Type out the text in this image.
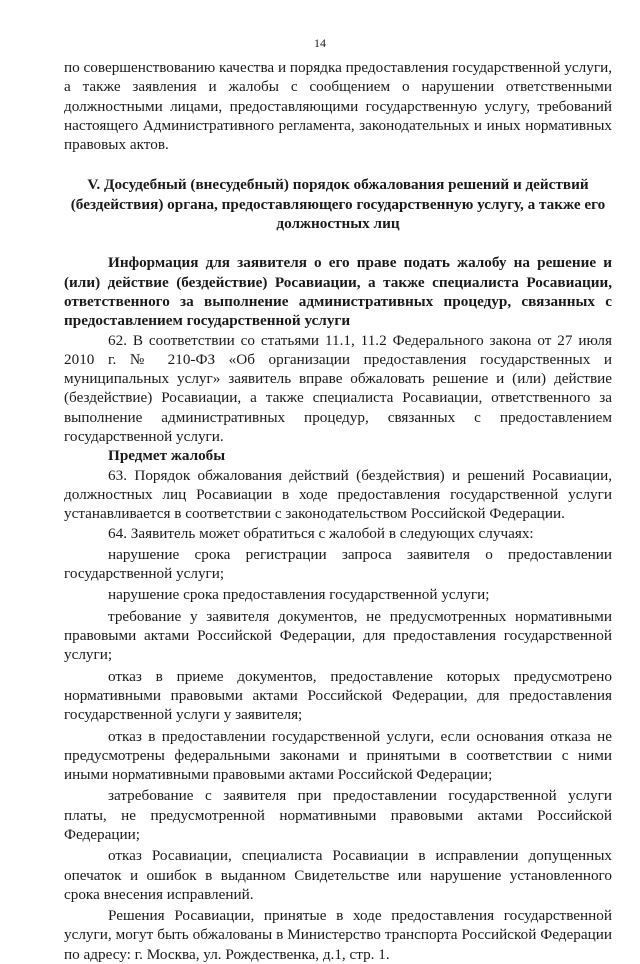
14

по совершенствованию качества и порядка предоставления государственной услуги, а также заявления и жалобы с сообщением о нарушении ответственными должностными лицами, предоставляющими государственную услугу, требований настоящего Административного регламента, законодательных и иных нормативных правовых актов.

V. Досудебный (внесудебный) порядок обжалования решений и действий (бездействия) органа, предоставляющего государственную услугу, а также его должностных лиц

Информация для заявителя о его праве подать жалобу на решение и (или) действие (бездействие) Росавиации, а также специалиста Росавиации, ответственного за выполнение административных процедур, связанных с предоставлением государственной услуги

62. В соответствии со статьями 11.1, 11.2 Федерального закона от 27 июля 2010 г. № 210-ФЗ «Об организации предоставления государственных и муниципальных услуг» заявитель вправе обжаловать решение и (или) действие (бездействие) Росавиации, а также специалиста Росавиации, ответственного за выполнение административных процедур, связанных с предоставлением государственной услуги.

Предмет жалобы

63. Порядок обжалования действий (бездействия) и решений Росавиации, должностных лиц Росавиации в ходе предоставления государственной услуги устанавливается в соответствии с законодательством Российской Федерации.

64. Заявитель может обратиться с жалобой в следующих случаях:

нарушение срока регистрации запроса заявителя о предоставлении государственной услуги;

нарушение срока предоставления государственной услуги;

требование у заявителя документов, не предусмотренных нормативными правовыми актами Российской Федерации, для предоставления государственной услуги;

отказ в приеме документов, предоставление которых предусмотрено нормативными правовыми актами Российской Федерации, для предоставления государственной услуги у заявителя;

отказ в предоставлении государственной услуги, если основания отказа не предусмотрены федеральными законами и принятыми в соответствии с ними иными нормативными правовыми актами Российской Федерации;

затребование с заявителя при предоставлении государственной услуги платы, не предусмотренной нормативными правовыми актами Российской Федерации;

отказ Росавиации, специалиста Росавиации в исправлении допущенных опечаток и ошибок в выданном Свидетельстве или нарушение установленного срока внесения исправлений.

Решения Росавиации, принятые в ходе предоставления государственной услуги, могут быть обжалованы в Министерство транспорта Российской Федерации по адресу: г. Москва, ул. Рождественка, д.1, стр. 1.
